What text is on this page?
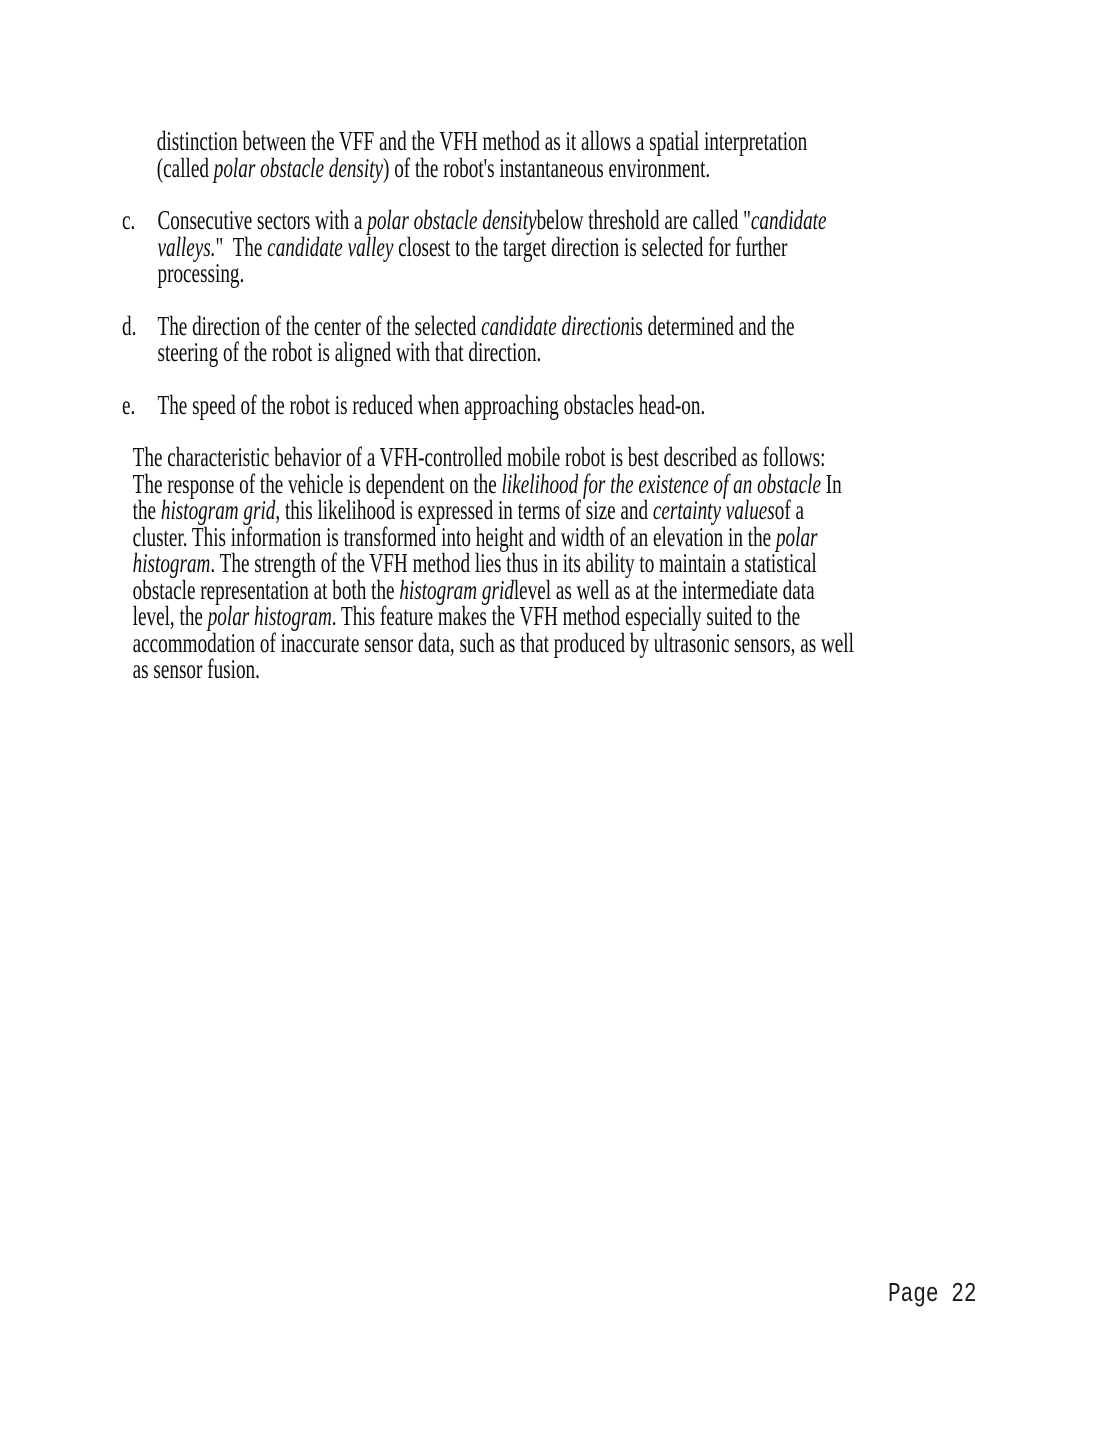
distinction between the VFF and the VFH method as it allows a spatial interpretation
(called polar obstacle density) of the robot's instantaneous environment.
c. Consecutive sectors with a polar obstacle densitybelow threshold are called "candidate
valleys."  The candidate valley closest to the target direction is selected for further
processing.
d. The direction of the center of the selected candidate directionis determined and the
steering of the robot is aligned with that direction.
e. The speed of the robot is reduced when approaching obstacles head-on.
The characteristic behavior of a VFH-controlled mobile robot is best described as follows:
The response of the vehicle is dependent on the likelihood for the existence of an obstacle In
the histogram grid, this likelihood is expressed in terms of size and certainty valuesof a
cluster. This information is transformed into height and width of an elevation in the polar
histogram. The strength of the VFH method lies thus in its ability to maintain a statistical
obstacle representation at both the histogram gridlevel as well as at the intermediate data
level, the polar histogram. This feature makes the VFH method especially suited to the
accommodation of inaccurate sensor data, such as that produced by ultrasonic sensors, as well
as sensor fusion.
Page 22
